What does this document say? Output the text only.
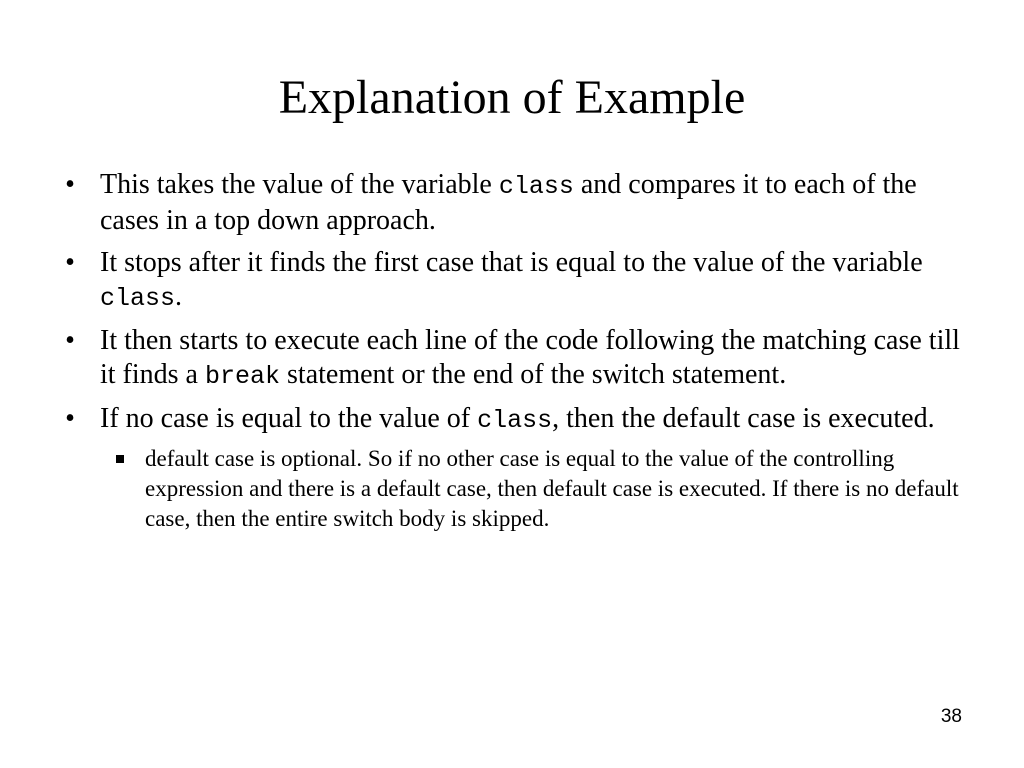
Explanation of Example
• This takes the value of the variable class and compares it to each of the cases in a top down approach.
• It stops after it finds the first case that is equal to the value of the variable class.
• It then starts to execute each line of the code following the matching case till it finds a break statement or the end of the switch statement.
• If no case is equal to the value of class, then the default case is executed.
default case is optional. So if no other case is equal to the value of the controlling expression and there is a default case, then default case is executed. If there is no default case, then the entire switch body is skipped.
38
